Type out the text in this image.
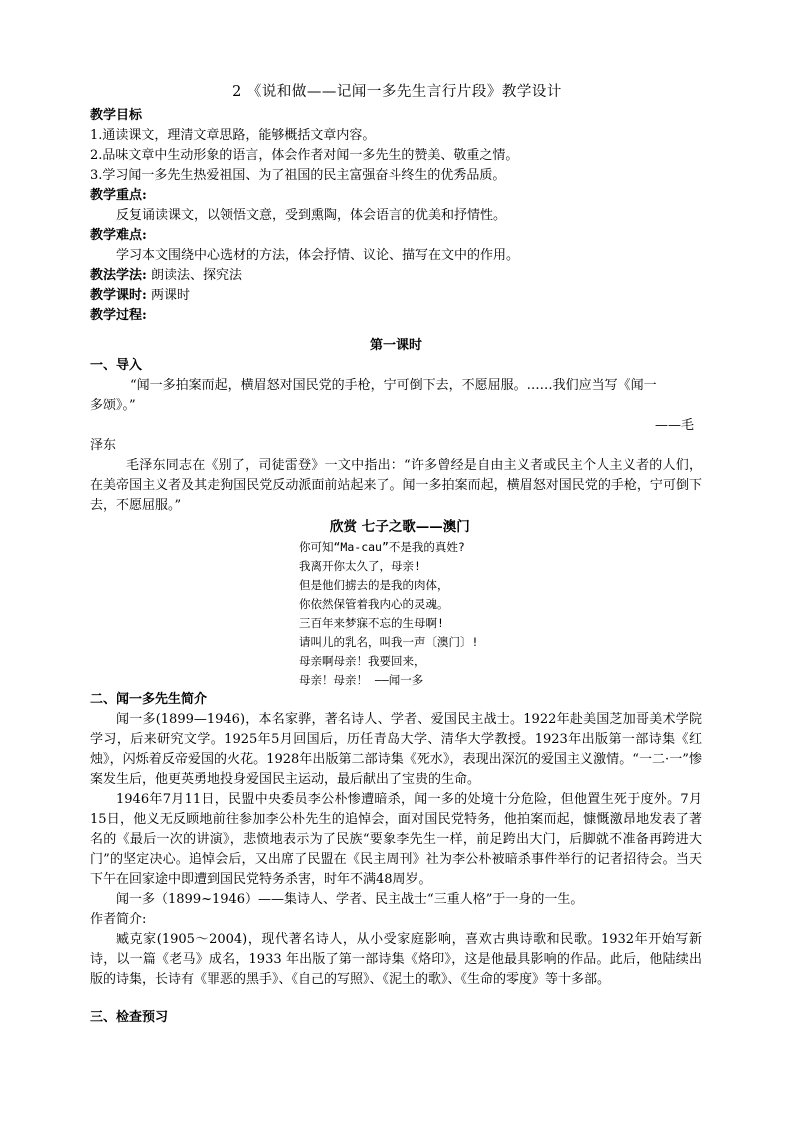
2 《说和做——记闻一多先生言行片段》教学设计
教学目标
1.通读课文，理清文章思路，能够概括文章内容。
2.品味文章中生动形象的语言，体会作者对闻一多先生的赞美、敬重之情。
3.学习闻一多先生热爱祖国、为了祖国的民主富强奋斗终生的优秀品质。
教学重点:
反复诵读课文，以领悟文意，受到熏陶，体会语言的优美和抒情性。
教学难点:
学习本文围绕中心选材的方法，体会抒情、议论、描写在文中的作用。
教法学法: 朗读法、探究法
教学课时: 两课时
教学过程:
第一课时
一、导入
“闻一多拍案而起，横眉怒对国民党的手枪，宁可倒下去，不愿屈服。……我们应当写《闻一
多颂》。”
——毛
泽东
毛泽东同志在《别了，司徒雷登》一文中指出：“许多曾经是自由主义者或民主个人主义者的人们，在美帝国主义者及其走狗国民党反动派面前站起来了。闻一多拍案而起，横眉怒对国民党的手枪，宁可倒下去，不愿屈服。”
欣赏 七子之歌——澳门
你可知“Ma-cau”不是我的真姓?
我离开你太久了，母亲!
但是他们掳去的是我的肉体，
你依然保管着我内心的灵魂。
三百年来梦寐不忘的生母啊!
请叫儿的乳名，叫我一声〔澳门〕!
母亲啊母亲！我要回来，
母亲！母亲！ ——闻一多
二、闻一多先生简介
闻一多(1899—1946)，本名家骅，著名诗人、学者、爱国民主战士。1922年赴美国芝加哥美术学院学习，后来研究文学。1925年5月回国后，历任青岛大学、清华大学教授。1923年出版第一部诗集《红烛》，闪烁着反帝爱国的火花。1928年出版第二部诗集《死水》，表现出深沉的爱国主义激情。“一二·一”惨案发生后，他更英勇地投身爱国民主运动，最后献出了宝贵的生命。
1946年7月11日，民盟中央委员李公朴惨遭暗杀，闻一多的处境十分危险，但他置生死于度外。7月15日，他义无反顾地前往参加李公朴先生的追悼会，面对国民党特务，他拍案而起，慷慨激昂地发表了著名的《最后一次的讲演》，悲愤地表示为了民族“要象李先生一样，前足跨出大门，后脚就不准备再跨进大门”的坚定决心。追悼会后，又出席了民盟在《民主周刊》社为李公朴被暗杀事件举行的记者招待会。当天下午在回家途中即遭到国民党特务杀害，时年不满48周岁。
闻一多（1899~1946）——集诗人、学者、民主战士“三重人格”于一身的一生。
作者简介:
臧克家(1905～2004)，现代著名诗人，从小受家庭影响，喜欢古典诗歌和民歌。1932年开始写新诗，以一篇《老马》成名，1933 年出版了第一部诗集《烙印》，这是他最具影响的作品。此后，他陆续出版的诗集，长诗有《罪恶的黑手》、《自己的写照》、《泥土的歌》、《生命的零度》等十多部。
三、检查预习
